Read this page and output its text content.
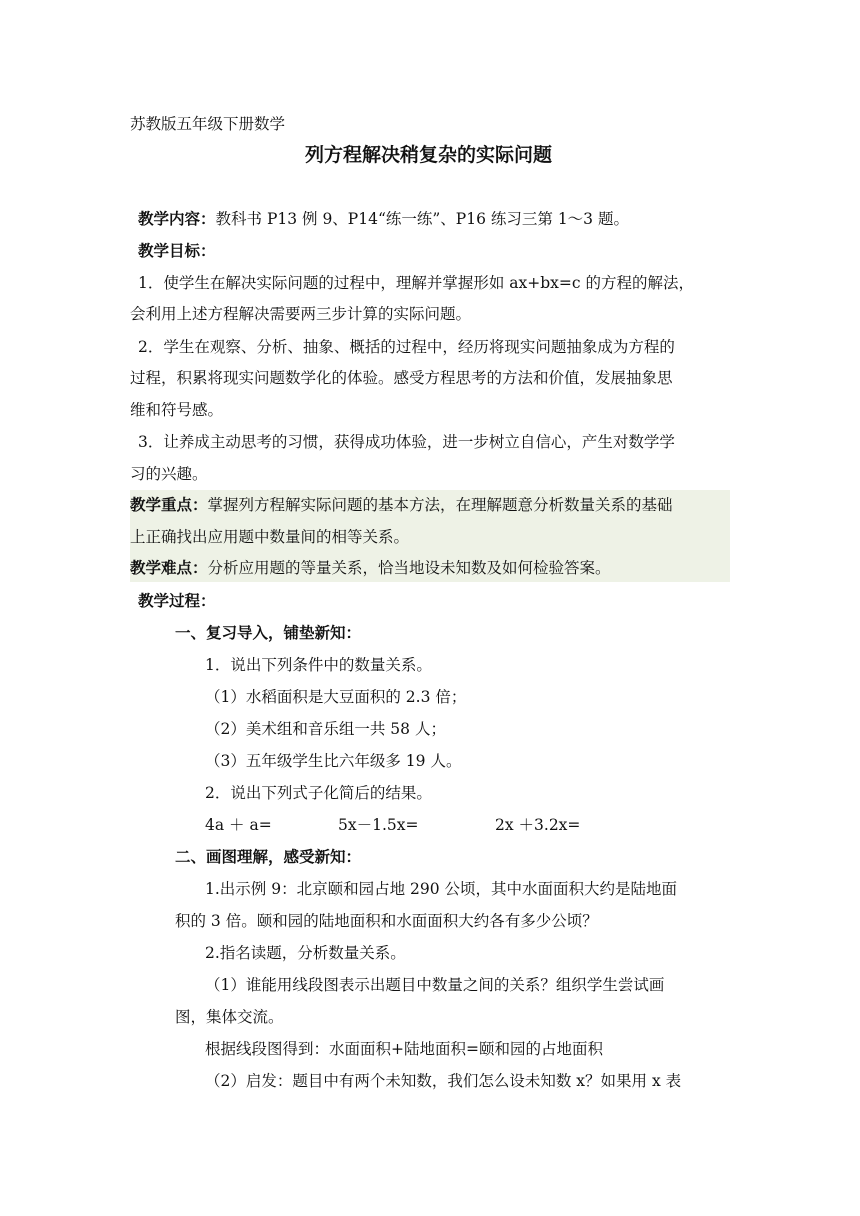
苏教版五年级下册数学
列方程解决稍复杂的实际问题
教学内容：教科书 P13 例 9、P14“练一练”、P16 练习三第 1～3 题。
教学目标：
1．使学生在解决实际问题的过程中，理解并掌握形如 ax+bx=c 的方程的解法，
会利用上述方程解决需要两三步计算的实际问题。
2．学生在观察、分析、抽象、概括的过程中，经历将现实问题抽象成为方程的
过程，积累将现实问题数学化的体验。感受方程思考的方法和价值，发展抽象思
维和符号感。
3．让养成主动思考的习惯，获得成功体验，进一步树立自信心，产生对数学学
习的兴趣。
教学重点：掌握列方程解实际问题的基本方法，在理解题意分析数量关系的基础
上正确找出应用题中数量间的相等关系。
教学难点：分析应用题的等量关系，恰当地设未知数及如何检验答案。
教学过程：
一、复习导入，铺垫新知：
1．说出下列条件中的数量关系。
（1）水稻面积是大豆面积的 2.3 倍；
（2）美术组和音乐组一共 58 人；
（3）五年级学生比六年级多 19 人。
2．说出下列式子化简后的结果。
4a ＋ a=	5x－1.5x=	2x ＋3.2x=
二、画图理解，感受新知：
1.出示例 9：北京颐和园占地 290 公顷，其中水面面积大约是陆地面
积的 3 倍。颐和园的陆地面积和水面面积大约各有多少公顷？
2.指名读题，分析数量关系。
（1）谁能用线段图表示出题目中数量之间的关系？组织学生尝试画
图，集体交流。
根据线段图得到：水面面积+陆地面积=颐和园的占地面积
（2）启发：题目中有两个未知数，我们怎么设未知数 x？如果用 x 表
